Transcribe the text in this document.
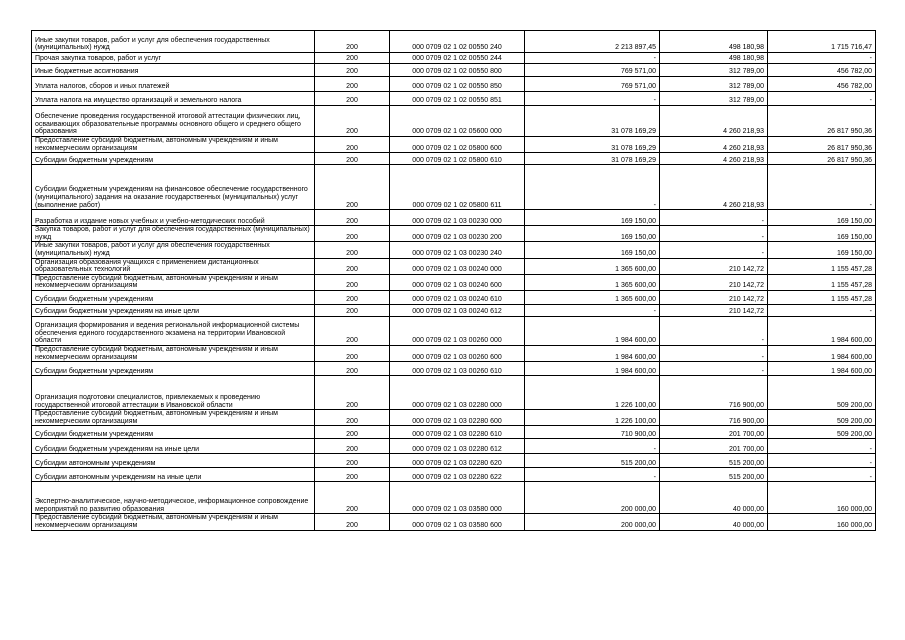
Иные закупки товаров, работ и услуг для обеспечения государственных (муниципальных) нужд	200	000 0709 02 1 02 00550 240	2 213 897,45	498 180,98	1 715 716,47
Прочая закупка товаров, работ и услуг	200	000 0709 02 1 02 00550 244	-	498 180,98	-
Иные бюджетные ассигнования	200	000 0709 02 1 02 00550 800	769 571,00	312 789,00	456 782,00
Уплата налогов, сборов и иных платежей	200	000 0709 02 1 02 00550 850	769 571,00	312 789,00	456 782,00
Уплата налога на имущество организаций и земельного налога	200	000 0709 02 1 02 00550 851	-	312 789,00	-
Обеспечение проведения государственной итоговой аттестации физических лиц, осваивающих образовательные программы основного общего и среднего общего образования	200	000 0709 02 1 02 05600 000	31 078 169,29	4 260 218,93	26 817 950,36
Предоставление субсидий бюджетным, автономным учреждениям и иным некоммерческим организациям	200	000 0709 02 1 02 05800 600	31 078 169,29	4 260 218,93	26 817 950,36
Субсидии бюджетным учреждениям	200	000 0709 02 1 02 05800 610	31 078 169,29	4 260 218,93	26 817 950,36
Субсидии бюджетным учреждениям на финансовое обеспечение государственного (муниципального) задания на оказание государственных (муниципальных) услуг (выполнение работ)	200	000 0709 02 1 02 05800 611	-	4 260 218,93	-
Разработка и издание новых учебных и учебно-методических пособий	200	000 0709 02 1 03 00230 000	169 150,00	-	169 150,00
Закупка товаров, работ и услуг для обеспечения государственных (муниципальных) нужд	200	000 0709 02 1 03 00230 200	169 150,00	-	169 150,00
Иные закупки товаров, работ и услуг для обеспечения государственных (муниципальных) нужд	200	000 0709 02 1 03 00230 240	169 150,00	-	169 150,00
Организация образования учащихся с применением дистанционных образовательных технологий	200	000 0709 02 1 03 00240 000	1 365 600,00	210 142,72	1 155 457,28
Предоставление субсидий бюджетным, автономным учреждениям и иным некоммерческим организациям	200	000 0709 02 1 03 00240 600	1 365 600,00	210 142,72	1 155 457,28
Субсидии бюджетным учреждениям	200	000 0709 02 1 03 00240 610	1 365 600,00	210 142,72	1 155 457,28
Субсидии бюджетным учреждениям на иные цели	200	000 0709 02 1 03 00240 612	-	210 142,72	-
Организация формирования и ведения региональной информационной системы обеспечения единого государственного экзамена на территории Ивановской области	200	000 0709 02 1 03 00260 000	1 984 600,00	-	1 984 600,00
Предоставление субсидий бюджетным, автономным учреждениям и иным некоммерческим организациям	200	000 0709 02 1 03 00260 600	1 984 600,00	-	1 984 600,00
Субсидии бюджетным учреждениям	200	000 0709 02 1 03 00260 610	1 984 600,00	-	1 984 600,00
Организация подготовки специалистов, привлекаемых к проведению государственной итоговой аттестации в Ивановской области	200	000 0709 02 1 03 02280 000	1 226 100,00	716 900,00	509 200,00
Предоставление субсидий бюджетным, автономным учреждениям и иным некоммерческим организациям	200	000 0709 02 1 03 02280 600	1 226 100,00	716 900,00	509 200,00
Субсидии бюджетным учреждениям	200	000 0709 02 1 03 02280 610	710 900,00	201 700,00	509 200,00
Субсидии бюджетным учреждениям на иные цели	200	000 0709 02 1 03 02280 612	-	201 700,00	-
Субсидии автономным учреждениям	200	000 0709 02 1 03 02280 620	515 200,00	515 200,00	-
Субсидии автономным учреждениям на иные цели	200	000 0709 02 1 03 02280 622	-	515 200,00	-
Экспертно-аналитическое, научно-методическое, информационное сопровождение мероприятий по развитию образования	200	000 0709 02 1 03 03580 000	200 000,00	40 000,00	160 000,00
Предоставление субсидий бюджетным, автономным учреждениям и иным некоммерческим организациям	200	000 0709 02 1 03 03580 600	200 000,00	40 000,00	160 000,00
